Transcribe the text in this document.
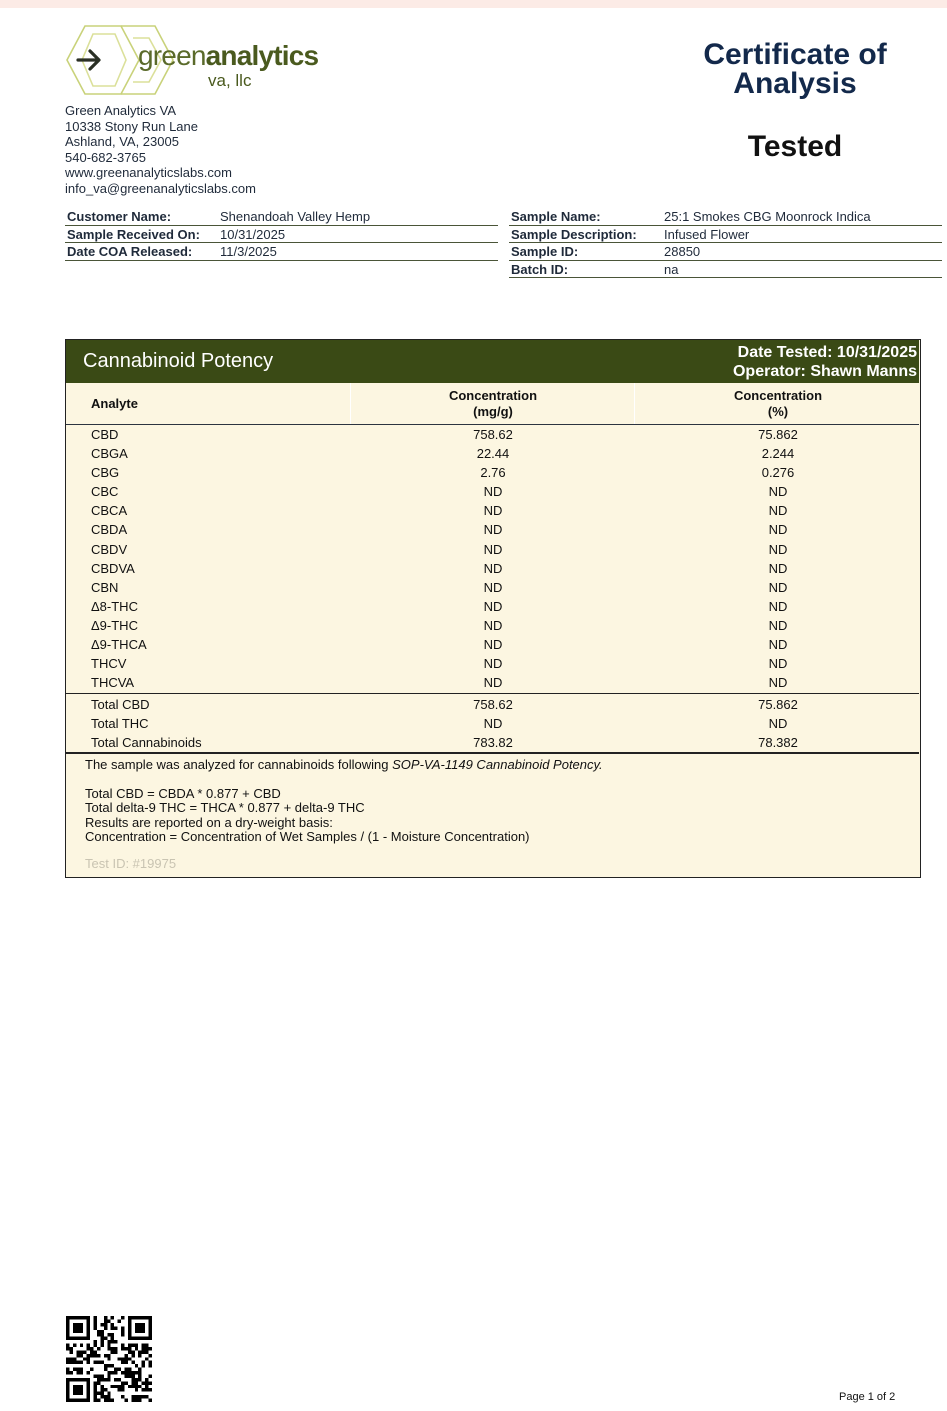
greenanalytics
va, llc
Green Analytics VA
10338 Stony Run Lane
Ashland, VA, 23005
540-682-3765
www.greenanalyticslabs.com
info_va@greenanalyticslabs.com
Certificate of
Analysis
Tested
Customer Name:	Shenandoah Valley Hemp
Sample Received On:	10/31/2025
Date COA Released:	11/3/2025
Sample Name:	25:1 Smokes CBG Moonrock Indica
Sample Description:	Infused Flower
Sample ID:	28850
Batch ID:	na
Cannabinoid Potency	Date Tested: 10/31/2025
Operator: Shawn Manns
Analyte
Concentration
(mg/g)
Concentration
(%)
CBD	758.62	75.862
CBGA	22.44	2.244
CBG	2.76	0.276
CBC	ND	ND
CBCA	ND	ND
CBDA	ND	ND
CBDV	ND	ND
CBDVA	ND	ND
CBN	ND	ND
Δ8-THC	ND	ND
Δ9-THC	ND	ND
Δ9-THCA	ND	ND
THCV	ND	ND
THCVA	ND	ND
Total CBD	758.62	75.862
Total THC	ND	ND
Total Cannabinoids	783.82	78.382
The sample was analyzed for cannabinoids following SOP-VA-1149 Cannabinoid Potency.
Total CBD = CBDA * 0.877 + CBD
Total delta-9 THC = THCA * 0.877 + delta-9 THC
Results are reported on a dry-weight basis:
Concentration = Concentration of Wet Samples / (1 - Moisture Concentration)
Test ID: #19975
Page 1 of 2
